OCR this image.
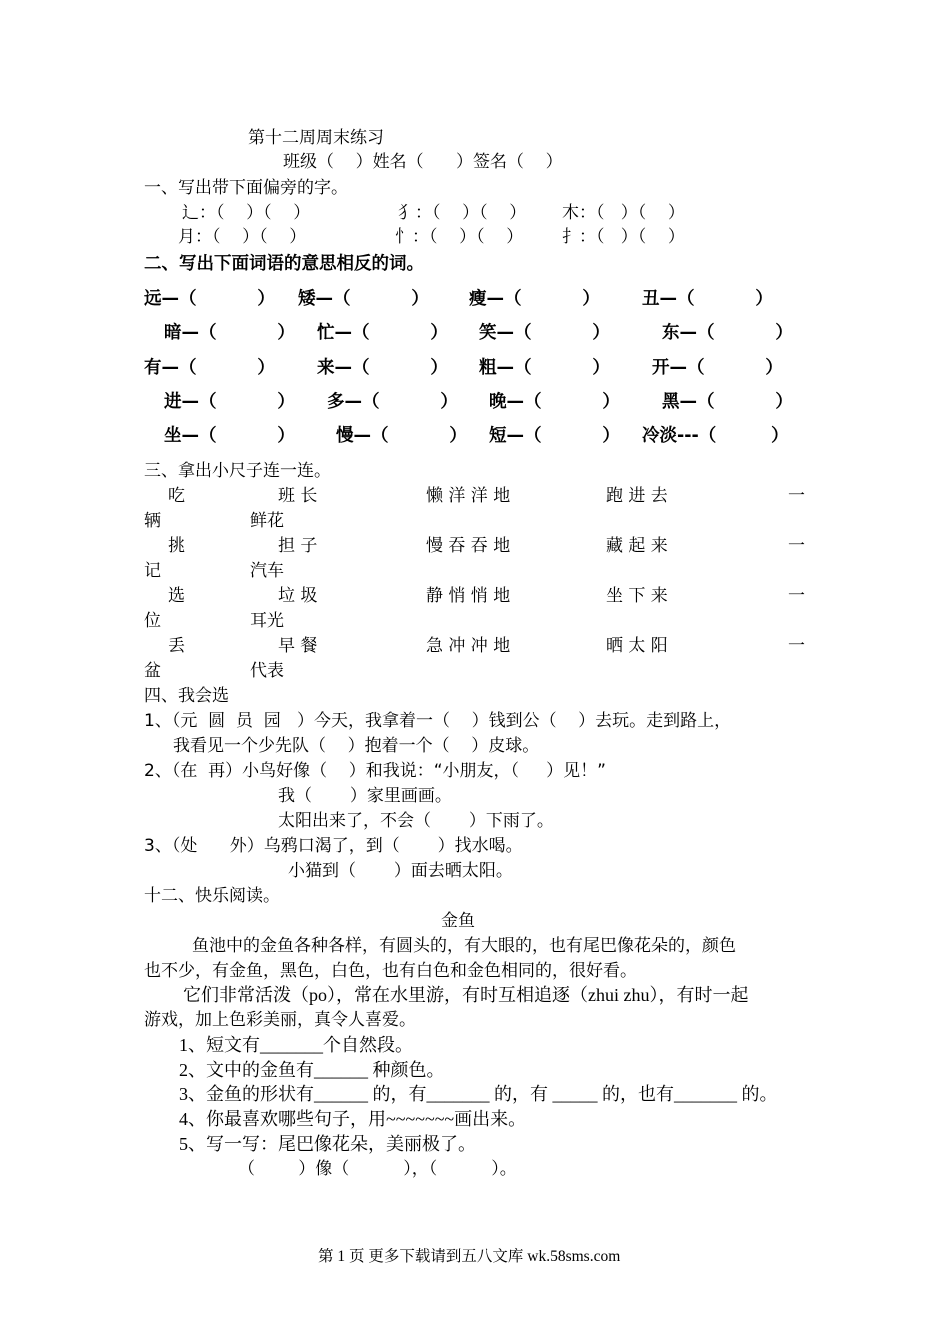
第十二周周末练习
班级（    ）姓名（      ）签名（    ）
一、写出带下面偏旁的字。
辶：（    ）（    ）	犭：（    ）（    ） 木：（   ）（    ）
月：（    ）（    ）	忄：（    ）（    ） 扌：（   ）（    ）
二、写出下面词语的意思相反的词。
远—（          ） 矮—（          ） 瘦—（          ） 丑—（          ）
暗—（          ） 忙—（          ） 笑—（          ）	东—（          ）
有—（          ） 来—（          ） 粗—（          ） 开—（          ）
进—（          ） 多—（          ） 晚—（          ） 黑—（          ）
坐—（          ） 慢—（          ） 短—（          ） 冷淡---（         ）
三、拿出小尺子连一连。
吃	班 长	懒 洋 洋 地	跑 进 去	一
辆	鲜花
挑	担 子	慢 吞 吞 地	藏 起 来	一
记	汽车
选	垃 圾	静 悄 悄 地	坐 下 来	一
位	耳光
丢	早 餐	急 冲 冲 地	晒 太 阳	一
盆	代表
四、我会选
1、（元  圆  员  园   ）今天，我拿着一（    ）钱到公（    ）去玩。走到路上，
我看见一个少先队（    ）抱着一个（    ）皮球。
2、（在  再）小鸟好像（    ）和我说：“小朋友，（     ）见！”
我（       ）家里画画。
太阳出来了，不会（       ）下雨了。
3、（处      外）乌鸦口渴了，到（       ）找水喝。
小猫到（       ）面去晒太阳。
十二、快乐阅读。
金鱼
鱼池中的金鱼各种各样，有圆头的，有大眼的，也有尾巴像花朵的，颜色
也不少，有金鱼，黑色，白色，也有白色和金色相同的，很好看。
它们非常活泼（po），常在水里游，有时互相追逐（zhui zhu），有时一起
游戏，加上色彩美丽，真令人喜爱。
1、短文有_______个自然段。
2、文中的金鱼有______ 种颜色。
3、金鱼的形状有______ 的，有_______ 的，有 _____ 的，也有_______ 的。
4、你最喜欢哪些句子，用~~~~~~~画出来。
5、写一写：尾巴像花朵，美丽极了。
（        ）像（          ），（          ）。
第 1 页 更多下载请到五八文库 wk.58sms.com
